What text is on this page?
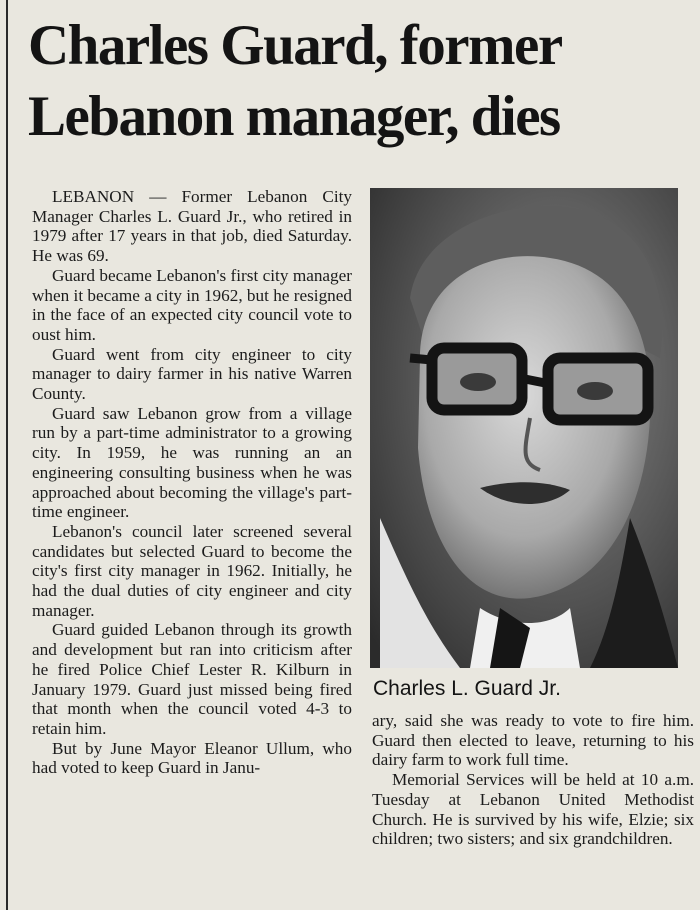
Charles Guard, former Lebanon manager, dies

LEBANON — Former Lebanon City Manager Charles L. Guard Jr., who retired in 1979 after 17 years in that job, died Saturday. He was 69.

Guard became Lebanon's first city manager when it became a city in 1962, but he resigned in the face of an expected city council vote to oust him.

Guard went from city engineer to city manager to dairy farmer in his native Warren County.

Guard saw Lebanon grow from a village run by a part-time administrator to a growing city. In 1959, he was running an an engineering consulting business when he was approached about becoming the village's part-time engineer.

Lebanon's council later screened several candidates but selected Guard to become the city's first city manager in 1962. Initially, he had the dual duties of city engineer and city manager.

Guard guided Lebanon through its growth and development but ran into criticism after he fired Police Chief Lester R. Kilburn in January 1979. Guard just missed being fired that month when the council voted 4-3 to retain him.

But by June Mayor Eleanor Ullum, who had voted to keep Guard in Janu-

Charles L. Guard Jr.

ary, said she was ready to vote to fire him. Guard then elected to leave, returning to his dairy farm to work full time.

Memorial Services will be held at 10 a.m. Tuesday at Lebanon United Methodist Church. He is survived by his wife, Elzie; six children; two sisters; and six grandchildren.
